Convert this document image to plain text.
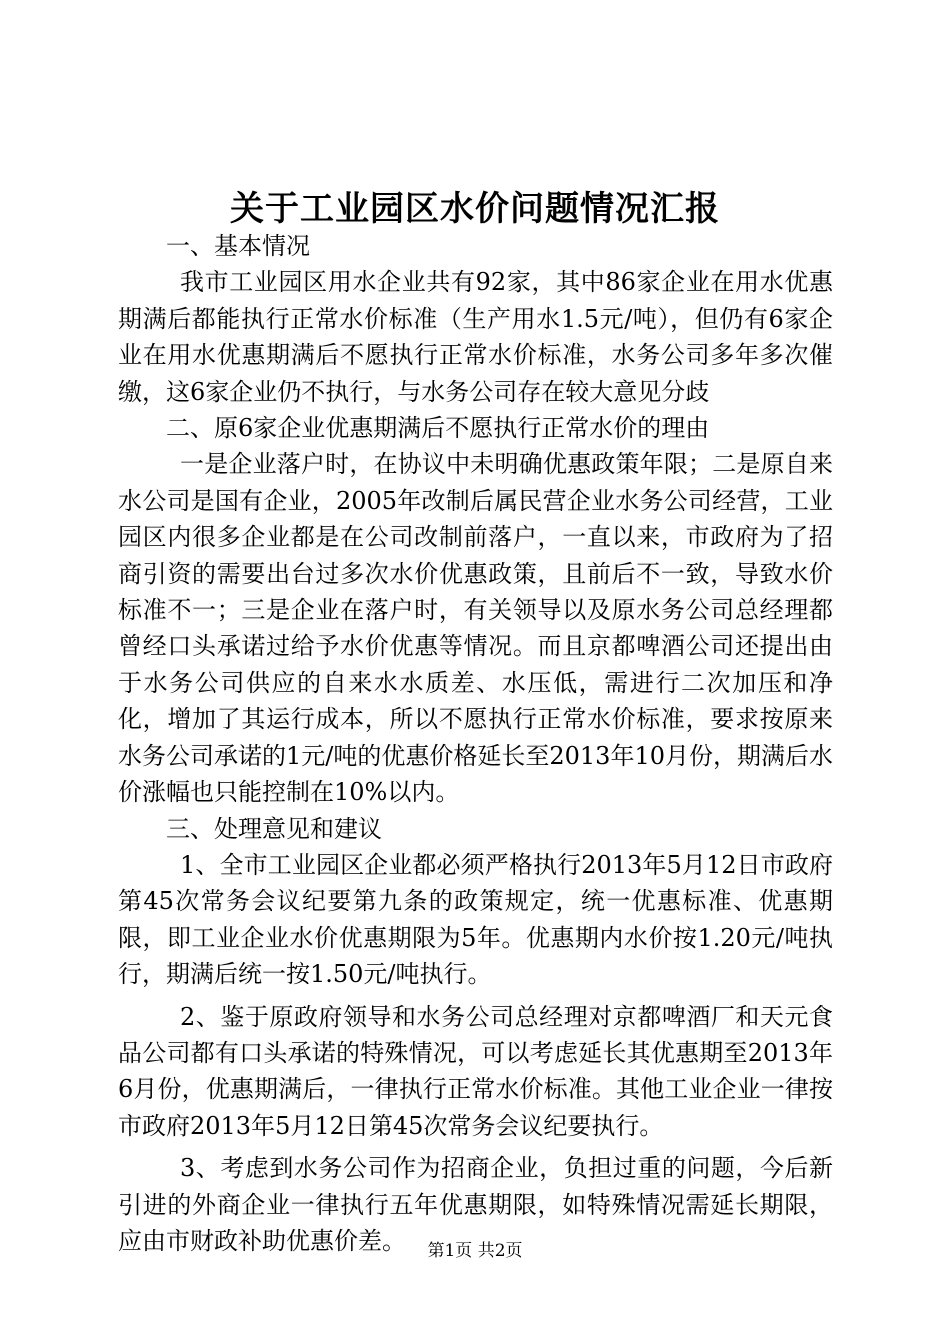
关于工业园区水价问题情况汇报

一、基本情况

我市工业园区用水企业共有92家，其中86家企业在用水优惠期满后都能执行正常水价标准（生产用水1.5元/吨），但仍有6家企业在用水优惠期满后不愿执行正常水价标准，水务公司多年多次催缴，这6家企业仍不执行，与水务公司存在较大意见分歧

二、原6家企业优惠期满后不愿执行正常水价的理由

一是企业落户时，在协议中未明确优惠政策年限；二是原自来水公司是国有企业，2005年改制后属民营企业水务公司经营，工业园区内很多企业都是在公司改制前落户，一直以来，市政府为了招商引资的需要出台过多次水价优惠政策，且前后不一致，导致水价标准不一；三是企业在落户时，有关领导以及原水务公司总经理都曾经口头承诺过给予水价优惠等情况。而且京都啤酒公司还提出由于水务公司供应的自来水水质差、水压低，需进行二次加压和净化，增加了其运行成本，所以不愿执行正常水价标准，要求按原来水务公司承诺的1元/吨的优惠价格延长至2013年10月份，期满后水价涨幅也只能控制在10%以内。

三、处理意见和建议

1、全市工业园区企业都必须严格执行2013年5月12日市政府第45次常务会议纪要第九条的政策规定，统一优惠标准、优惠期限，即工业企业水价优惠期限为5年。优惠期内水价按1.20元/吨执行，期满后统一按1.50元/吨执行。

2、鉴于原政府领导和水务公司总经理对京都啤酒厂和天元食品公司都有口头承诺的特殊情况，可以考虑延长其优惠期至2013年6月份，优惠期满后，一律执行正常水价标准。其他工业企业一律按市政府2013年5月12日第45次常务会议纪要执行。

3、考虑到水务公司作为招商企业，负担过重的问题，今后新引进的外商企业一律执行五年优惠期限，如特殊情况需延长期限，应由市财政补助优惠价差。	第1页 共2页
